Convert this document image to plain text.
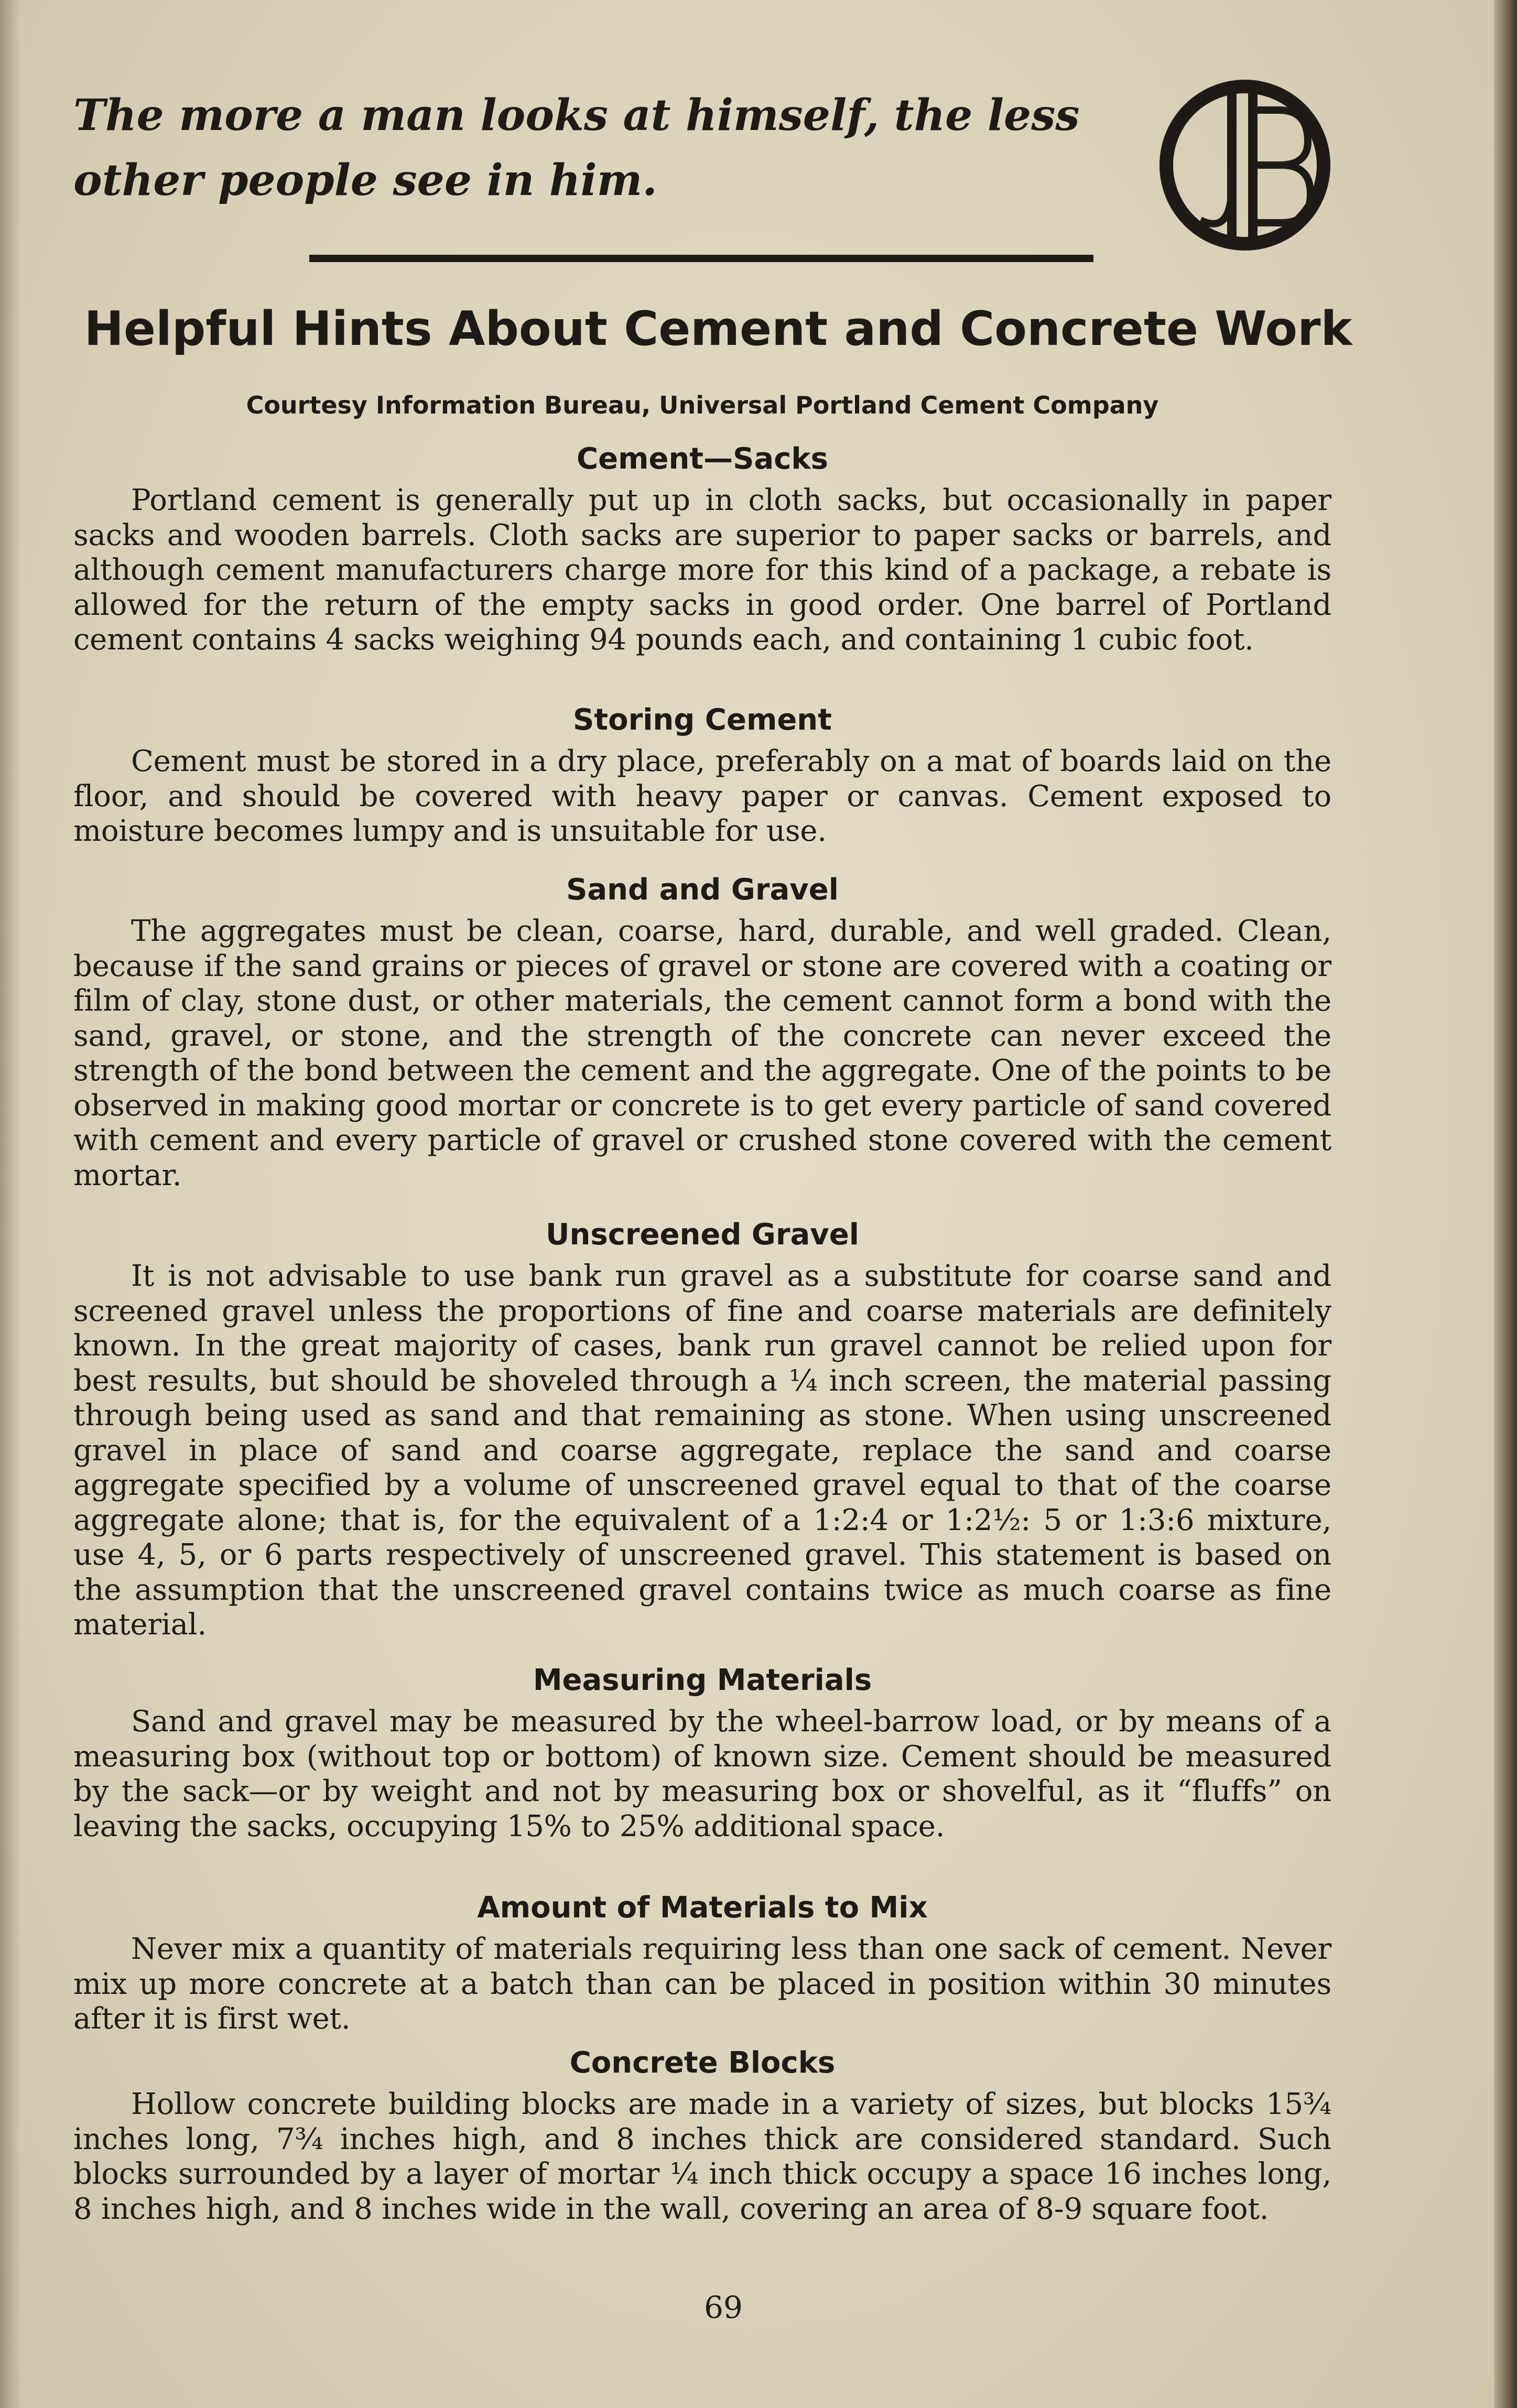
The more a man looks at himself, the less other people see in him.
Helpful Hints About Cement and Concrete Work
Courtesy Information Bureau, Universal Portland Cement Company
Cement—Sacks

Portland cement is generally put up in cloth sacks, but occasionally in paper sacks and wooden barrels. Cloth sacks are superior to paper sacks or barrels, and although cement manufacturers charge more for this kind of a package, a rebate is allowed for the return of the empty sacks in good order. One barrel of Portland cement contains 4 sacks weighing 94 pounds each, and containing 1 cubic foot.

Storing Cement

Cement must be stored in a dry place, preferably on a mat of boards laid on the floor, and should be covered with heavy paper or canvas. Cement exposed to moisture becomes lumpy and is unsuitable for use.

Sand and Gravel

The aggregates must be clean, coarse, hard, durable, and well graded. Clean, because if the sand grains or pieces of gravel or stone are covered with a coating or film of clay, stone dust, or other materials, the cement cannot form a bond with the sand, gravel, or stone, and the strength of the concrete can never exceed the strength of the bond between the cement and the aggregate. One of the points to be observed in making good mortar or concrete is to get every particle of sand covered with cement and every particle of gravel or crushed stone covered with the cement mortar.

Unscreened Gravel

It is not advisable to use bank run gravel as a substitute for coarse sand and screened gravel unless the proportions of fine and coarse materials are definitely known. In the great majority of cases, bank run gravel cannot be relied upon for best results, but should be shoveled through a ¼ inch screen, the material passing through being used as sand and that remaining as stone. When using unscreened gravel in place of sand and coarse aggregate, replace the sand and coarse aggregate specified by a volume of unscreened gravel equal to that of the coarse aggregate alone; that is, for the equivalent of a 1:2:4 or 1:2½: 5 or 1:3:6 mixture, use 4, 5, or 6 parts respectively of unscreened gravel. This statement is based on the assumption that the unscreened gravel contains twice as much coarse as fine material.

Measuring Materials

Sand and gravel may be measured by the wheel-barrow load, or by means of a measuring box (without top or bottom) of known size. Cement should be measured by the sack—or by weight and not by measuring box or shovelful, as it “fluffs” on leaving the sacks, occupying 15% to 25% additional space.

Amount of Materials to Mix

Never mix a quantity of materials requiring less than one sack of cement. Never mix up more concrete at a batch than can be placed in position within 30 minutes after it is first wet.

Concrete Blocks

Hollow concrete building blocks are made in a variety of sizes, but blocks 15¾ inches long, 7¾ inches high, and 8 inches thick are considered standard. Such blocks surrounded by a layer of mortar ¼ inch thick occupy a space 16 inches long, 8 inches high, and 8 inches wide in the wall, covering an area of 8-9 square foot.

69
